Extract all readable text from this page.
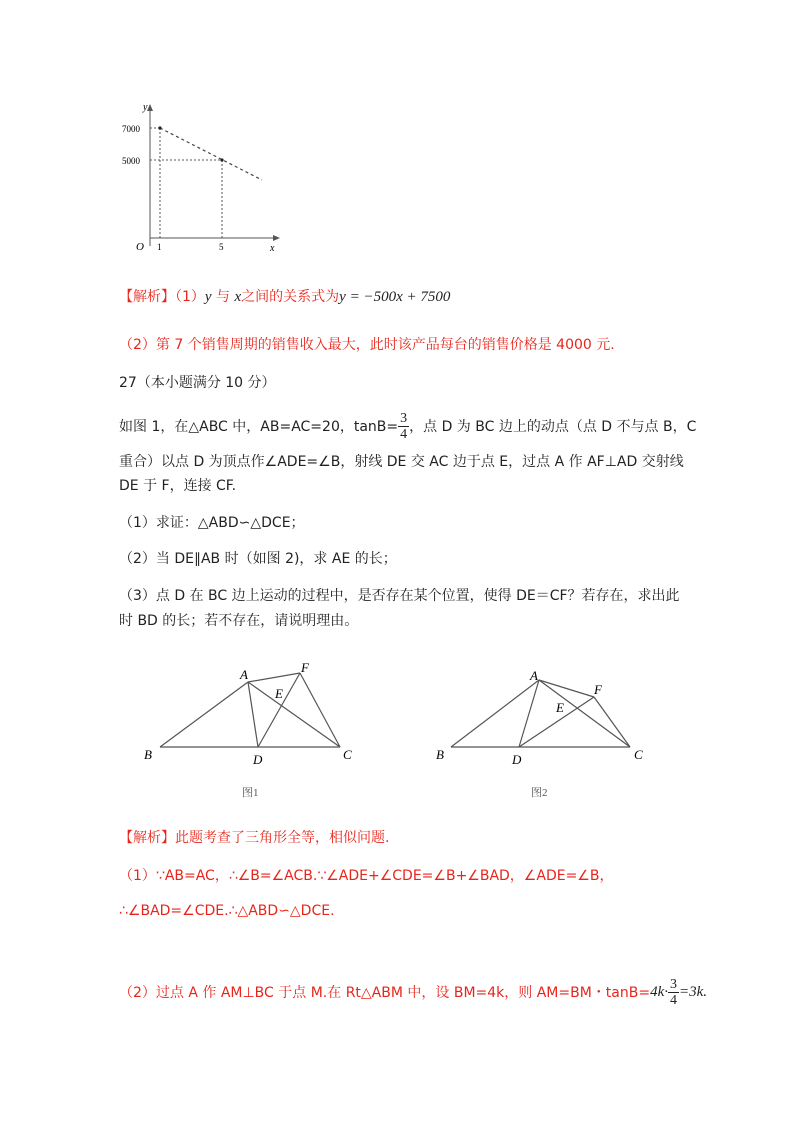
y
x
O
7000
5000
1	5
【解析】（1）y 与 x之间的关系式为y = −500x + 7500
（2）第 7 个销售周期的销售收入最大，此时该产品每台的销售价格是 4000 元.
27（本小题满分 10 分）
如图 1，在△ABC 中，AB=AC=20，$\tan B= \frac{3}{4}$ ，点 D 为 BC 边上的动点（点 D 不与点 B，C
重合）以点 D 为顶点作∠ADE=∠B，射线 DE 交 AC 边于点 E，过点 A 作 AF⊥AD 交射线
DE 于 F，连接 CF.
（1）求证：△ABD∽△DCE；
（2）当 DE∥AB 时（如图 2)，求 AE 的长；
（3）点 D 在 BC 边上运动的过程中，是否存在某个位置，使得 DE＝CF？若存在，求出此
时 BD 的长；若不存在，请说明理由。
A	F
E
B	D	C
图1
A
F
E
B	D	C
图2
【解析】此题考查了三角形全等，相似问题.
（1）∵AB=AC，∴∠B=∠ACB.∵∠ADE+∠CDE=∠B+∠BAD，∠ADE=∠B，
∴∠BAD=∠CDE.∴△ABD∽△DCE.
（2）过点 A 作 AM⊥BC 于点 M.在 Rt△ABM 中，设 BM=4k，则 AM=BM・$\tan B= 4k\cdot \frac{3}{4} =3k$.
